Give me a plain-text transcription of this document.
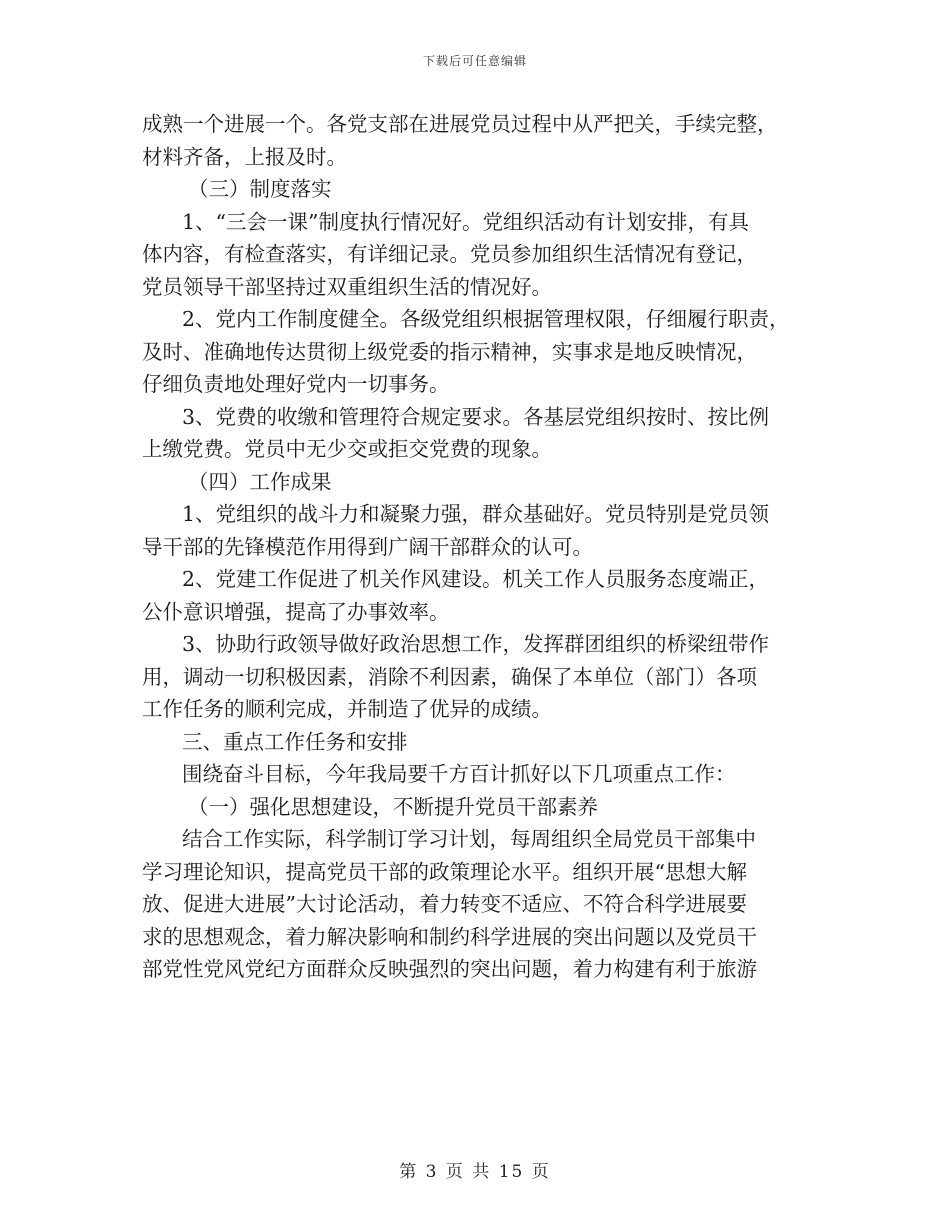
下载后可任意编辑
成熟一个进展一个。各党支部在进展党员过程中从严把关，手续完整，
材料齐备，上报及时。
（三）制度落实
1、“三会一课”制度执行情况好。党组织活动有计划安排，有具
体内容，有检查落实，有详细记录。党员参加组织生活情况有登记，
党员领导干部坚持过双重组织生活的情况好。
2、党内工作制度健全。各级党组织根据管理权限，仔细履行职责，
及时、准确地传达贯彻上级党委的指示精神，实事求是地反映情况，
仔细负责地处理好党内一切事务。
3、党费的收缴和管理符合规定要求。各基层党组织按时、按比例
上缴党费。党员中无少交或拒交党费的现象。
（四）工作成果
1、党组织的战斗力和凝聚力强，群众基础好。党员特别是党员领
导干部的先锋模范作用得到广阔干部群众的认可。
2、党建工作促进了机关作风建设。机关工作人员服务态度端正，
公仆意识增强，提高了办事效率。
3、协助行政领导做好政治思想工作，发挥群团组织的桥梁纽带作
用，调动一切积极因素，消除不利因素，确保了本单位（部门）各项
工作任务的顺利完成，并制造了优异的成绩。
三、重点工作任务和安排
围绕奋斗目标，今年我局要千方百计抓好以下几项重点工作：
（一）强化思想建设，不断提升党员干部素养
结合工作实际，科学制订学习计划，每周组织全局党员干部集中
学习理论知识，提高党员干部的政策理论水平。组织开展“思想大解
放、促进大进展”大讨论活动，着力转变不适应、不符合科学进展要
求的思想观念，着力解决影响和制约科学进展的突出问题以及党员干
部党性党风党纪方面群众反映强烈的突出问题，着力构建有利于旅游
第 3 页 共 15 页
